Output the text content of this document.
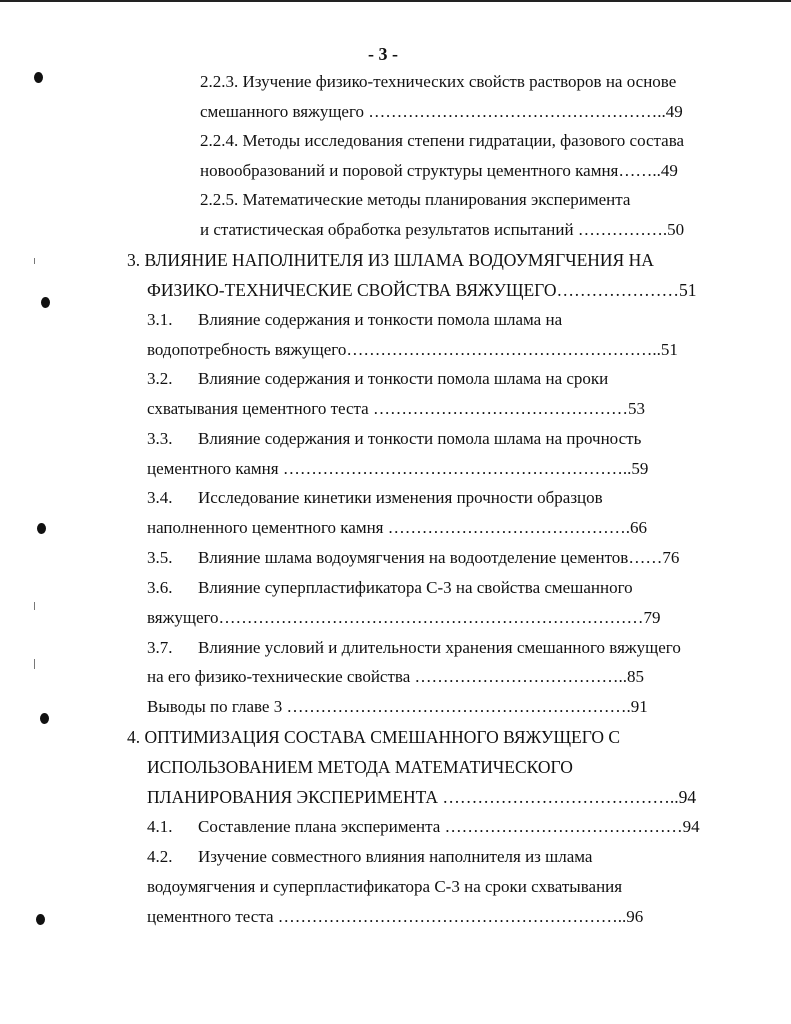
- 3 -
2.2.3. Изучение физико-технических свойств растворов на основе
смешанного вяжущего ……………………………………………..49
2.2.4. Методы исследования степени гидратации, фазового состава
новообразований и поровой структуры цементного камня……..49
2.2.5. Математические методы планирования эксперимента
и статистическая обработка результатов испытаний …………….50
3. ВЛИЯНИЕ НАПОЛНИТЕЛЯ ИЗ ШЛАМА ВОДОУМЯГЧЕНИЯ НА
ФИЗИКО-ТЕХНИЧЕСКИЕ СВОЙСТВА ВЯЖУЩЕГО…………………51
3.1. Влияние содержания и тонкости помола шлама на
водопотребность вяжущего………………………………………………..51
3.2. Влияние содержания и тонкости помола шлама на сроки
схватывания цементного теста ………………………………………53
3.3. Влияние содержания и тонкости помола шлама на прочность
цементного камня ……………………………………………………..59
3.4. Исследование кинетики изменения прочности образцов
наполненного цементного камня …………………………………….66
3.5. Влияние шлама водоумягчения на водоотделение цементов……76
3.6. Влияние суперпластификатора С-3 на свойства смешанного
вяжущего…………………………………………………………………79
3.7. Влияние условий и длительности хранения смешанного вяжущего
на его физико-технические свойства ………………………………..85
Выводы по главе 3 …………………………………………………….91
4. ОПТИМИЗАЦИЯ СОСТАВА СМЕШАННОГО ВЯЖУЩЕГО С
ИСПОЛЬЗОВАНИЕМ МЕТОДА МАТЕМАТИЧЕСКОГО
ПЛАНИРОВАНИЯ ЭКСПЕРИМЕНТА …………………………………..94
4.1. Составление плана эксперимента ……………………………………94
4.2. Изучение совместного влияния наполнителя из шлама
водоумягчения и суперпластификатора С-3 на сроки схватывания
цементного теста ……………………………………………………..96
